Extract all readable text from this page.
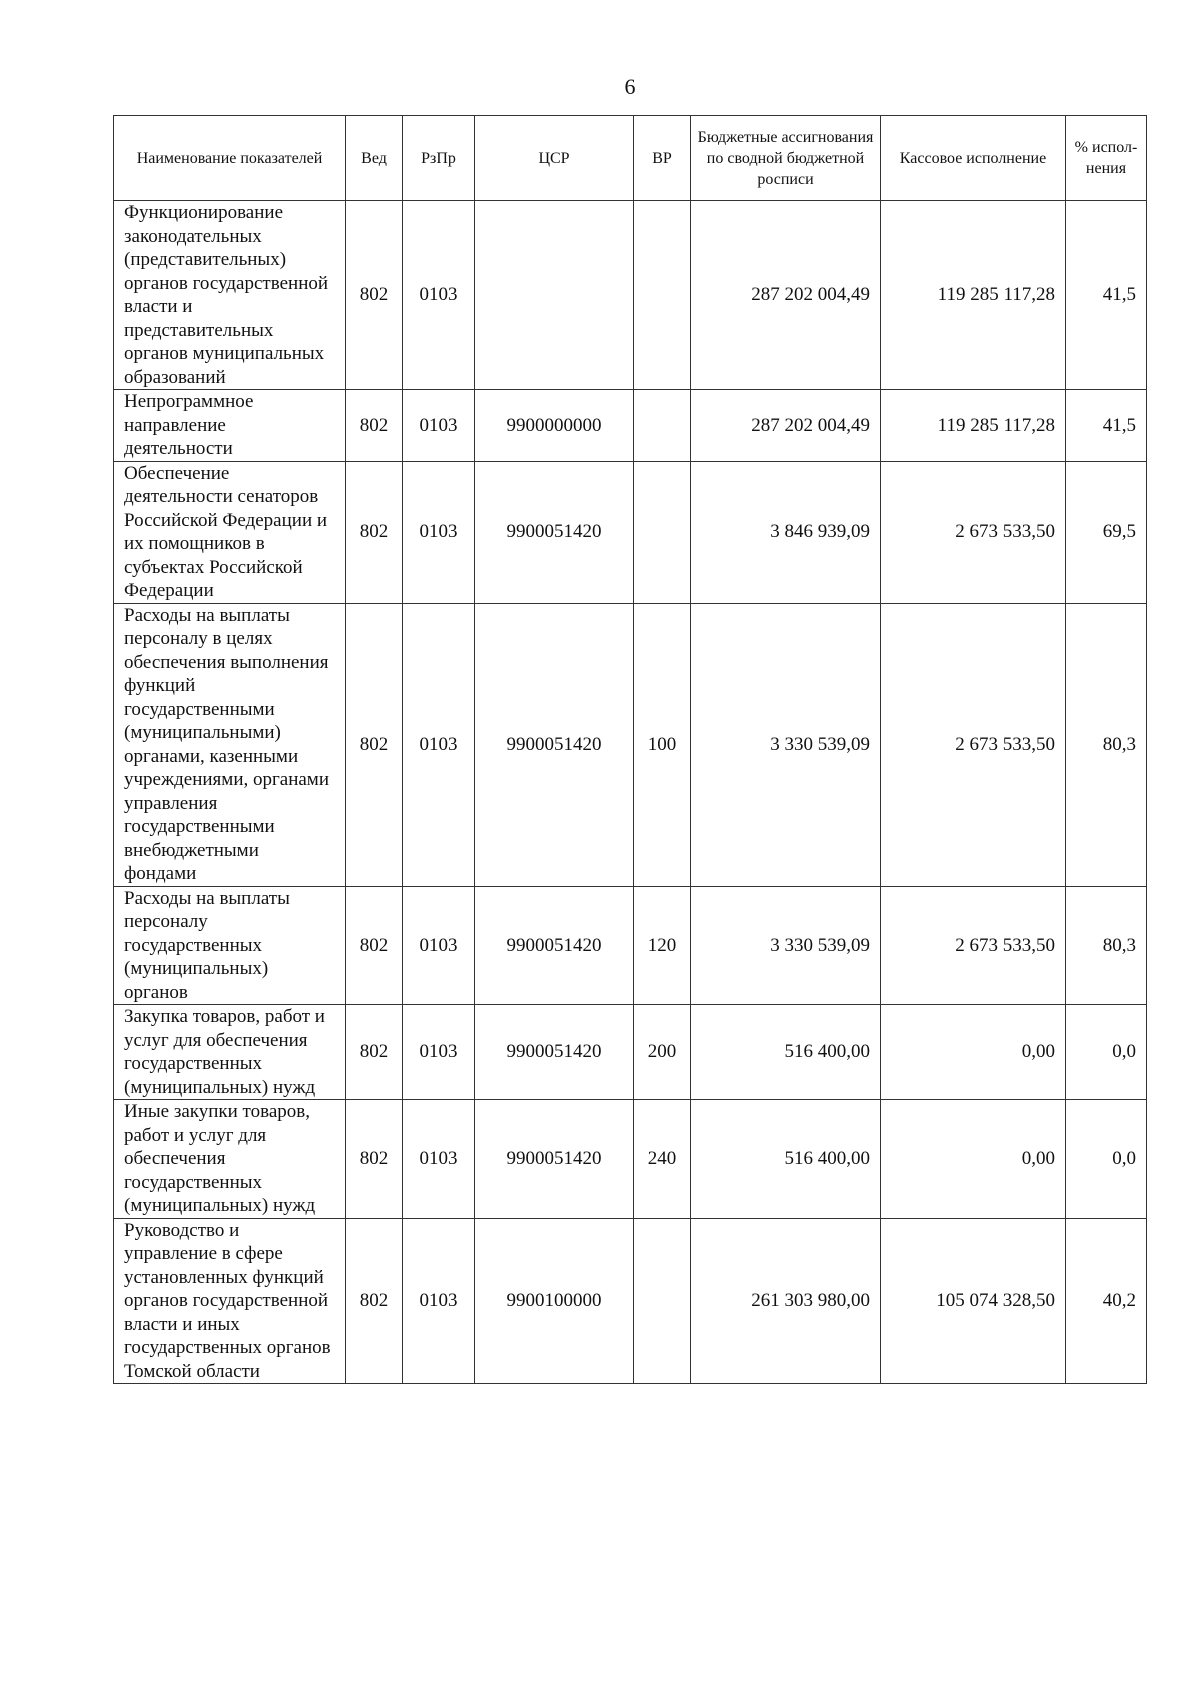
6
Наименование показателей	Вед	РзПр	ЦСР	ВР	Бюджетные ассигнования по сводной бюджетной росписи	Кассовое исполнение	% испол-нения
Функционирование законодательных (представительных) органов государственной власти и представительных органов муниципальных образований	802	0103			287 202 004,49	119 285 117,28	41,5
Непрограммное направление деятельности	802	0103	9900000000		287 202 004,49	119 285 117,28	41,5
Обеспечение деятельности сенаторов Российской Федерации и их помощников в субъектах Российской Федерации	802	0103	9900051420		3 846 939,09	2 673 533,50	69,5
Расходы на выплаты персоналу в целях обеспечения выполнения функций государственными (муниципальными) органами, казенными учреждениями, органами управления государственными внебюджетными фондами	802	0103	9900051420	100	3 330 539,09	2 673 533,50	80,3
Расходы на выплаты персоналу государственных (муниципальных) органов	802	0103	9900051420	120	3 330 539,09	2 673 533,50	80,3
Закупка товаров, работ и услуг для обеспечения государственных (муниципальных) нужд	802	0103	9900051420	200	516 400,00	0,00	0,0
Иные закупки товаров, работ и услуг для обеспечения государственных (муниципальных) нужд	802	0103	9900051420	240	516 400,00	0,00	0,0
Руководство и управление в сфере установленных функций органов государственной власти и иных государственных органов Томской области	802	0103	9900100000		261 303 980,00	105 074 328,50	40,2
